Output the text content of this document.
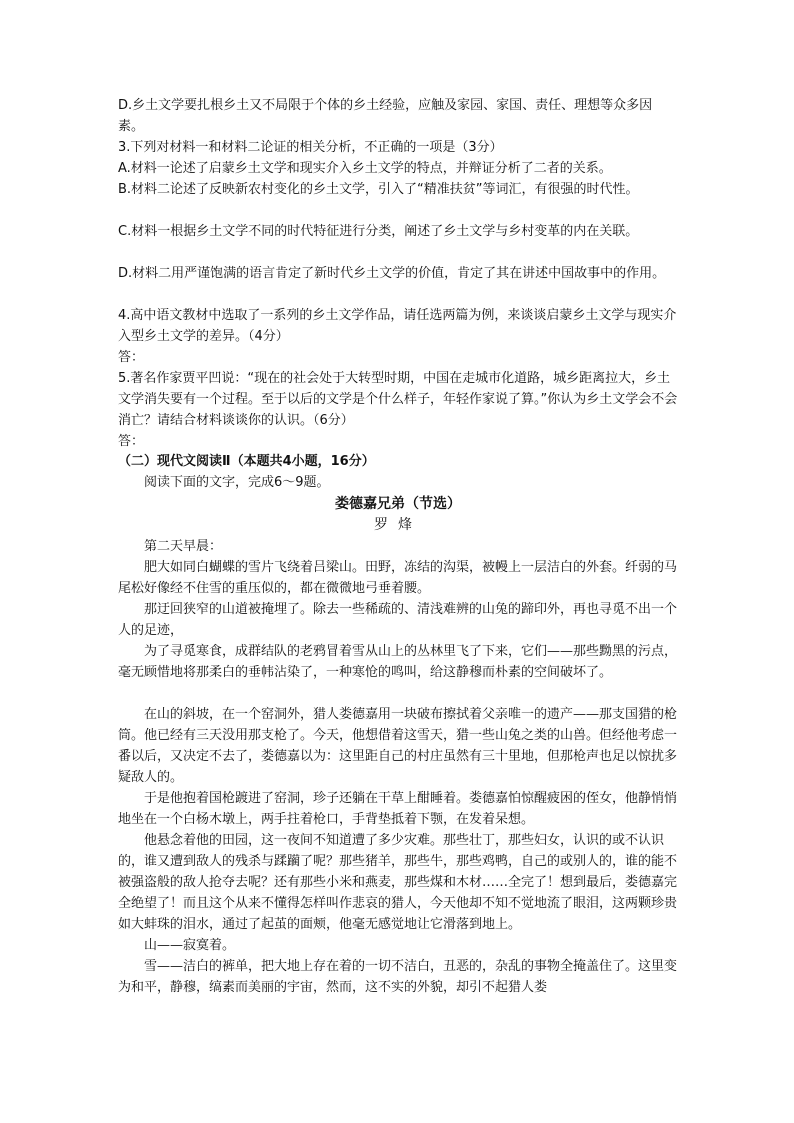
D.乡土文学要扎根乡土又不局限于个体的乡土经验，应触及家园、家国、责任、理想等众多因素。

3.下列对材料一和材料二论证的相关分析，不正确的一项是（3分）

A.材料一论述了启蒙乡土文学和现实介入乡土文学的特点，并辩证分析了二者的关系。

B.材料二论述了反映新农村变化的乡土文学，引入了“精准扶贫”等词汇，有很强的时代性。

C.材料一根据乡土文学不同的时代特征进行分类，阐述了乡土文学与乡村变革的内在关联。

D.材料二用严谨饱满的语言肯定了新时代乡土文学的价值，肯定了其在讲述中国故事中的作用。

4.高中语文教材中选取了一系列的乡土文学作品，请任选两篇为例，来谈谈启蒙乡土文学与现实介入型乡土文学的差异。（4分）

答：

5.著名作家贾平凹说：“现在的社会处于大转型时期，中国在走城市化道路，城乡距离拉大，乡土文学消失要有一个过程。至于以后的文学是个什么样子，年轻作家说了算。”你认为乡土文学会不会消亡？请结合材料谈谈你的认识。（6分）

答：

（二）现代文阅读Ⅱ（本题共4小题，16分）

阅读下面的文字，完成6～9题。

娄德嘉兄弟（节选）

罗烽

第二天早晨：

肥大如同白蝴蝶的雪片飞绕着吕梁山。田野，冻结的沟渠，被幔上一层洁白的外套。纤弱的马尾松好像经不住雪的重压似的，都在微微地弓垂着腰。

那迂回狭窄的山道被掩埋了。除去一些稀疏的、清浅难辨的山兔的蹄印外，再也寻觅不出一个人的足迹，

为了寻觅寒食，成群结队的老鸦冒着雪从山上的丛林里飞了下来，它们——那些黝黑的污点，毫无顾惜地将那柔白的垂帏沾染了，一种寒怆的鸣叫，给这静穆而朴素的空间破坏了。

在山的斜坡，在一个窑洞外，猎人娄德嘉用一块破布擦拭着父亲唯一的遗产——那支国猎的枪筒。他已经有三天没用那支枪了。今天，他想借着这雪天，猎一些山兔之类的山兽。但经他考虑一番以后，又决定不去了，娄德嘉以为：这里距自己的村庄虽然有三十里地，但那枪声也足以惊扰多疑敌人的。

于是他抱着国枪踱进了窑洞，珍子还躺在干草上酣睡着。娄德嘉怕惊醒疲困的侄女，他静悄悄地坐在一个白杨木墩上，两手拄着枪口，手背垫抵着下颚，在发着呆想。

他悬念着他的田园，这一夜间不知道遭了多少灾难。那些壮丁，那些妇女，认识的或不认识的，谁又遭到敌人的残杀与蹂躏了呢？那些猪羊，那些牛，那些鸡鸭，自己的或别人的，谁的能不被强盗般的敌人抢夺去呢？还有那些小米和燕麦，那些煤和木材……全完了！想到最后，娄德嘉完全绝望了！而且这个从来不懂得怎样叫作悲哀的猎人，今天他却不知不觉地流了眼泪，这两颗珍贵如大蚌珠的泪水，通过了起茧的面颊，他毫无感觉地让它滑落到地上。

山——寂寞着。

雪——洁白的裤单，把大地上存在着的一切不洁白，丑恶的，杂乱的事物全掩盖住了。这里变为和平，静穆，缟素而美丽的宇宙，然而，这不实的外貌，却引不起猎人娄
